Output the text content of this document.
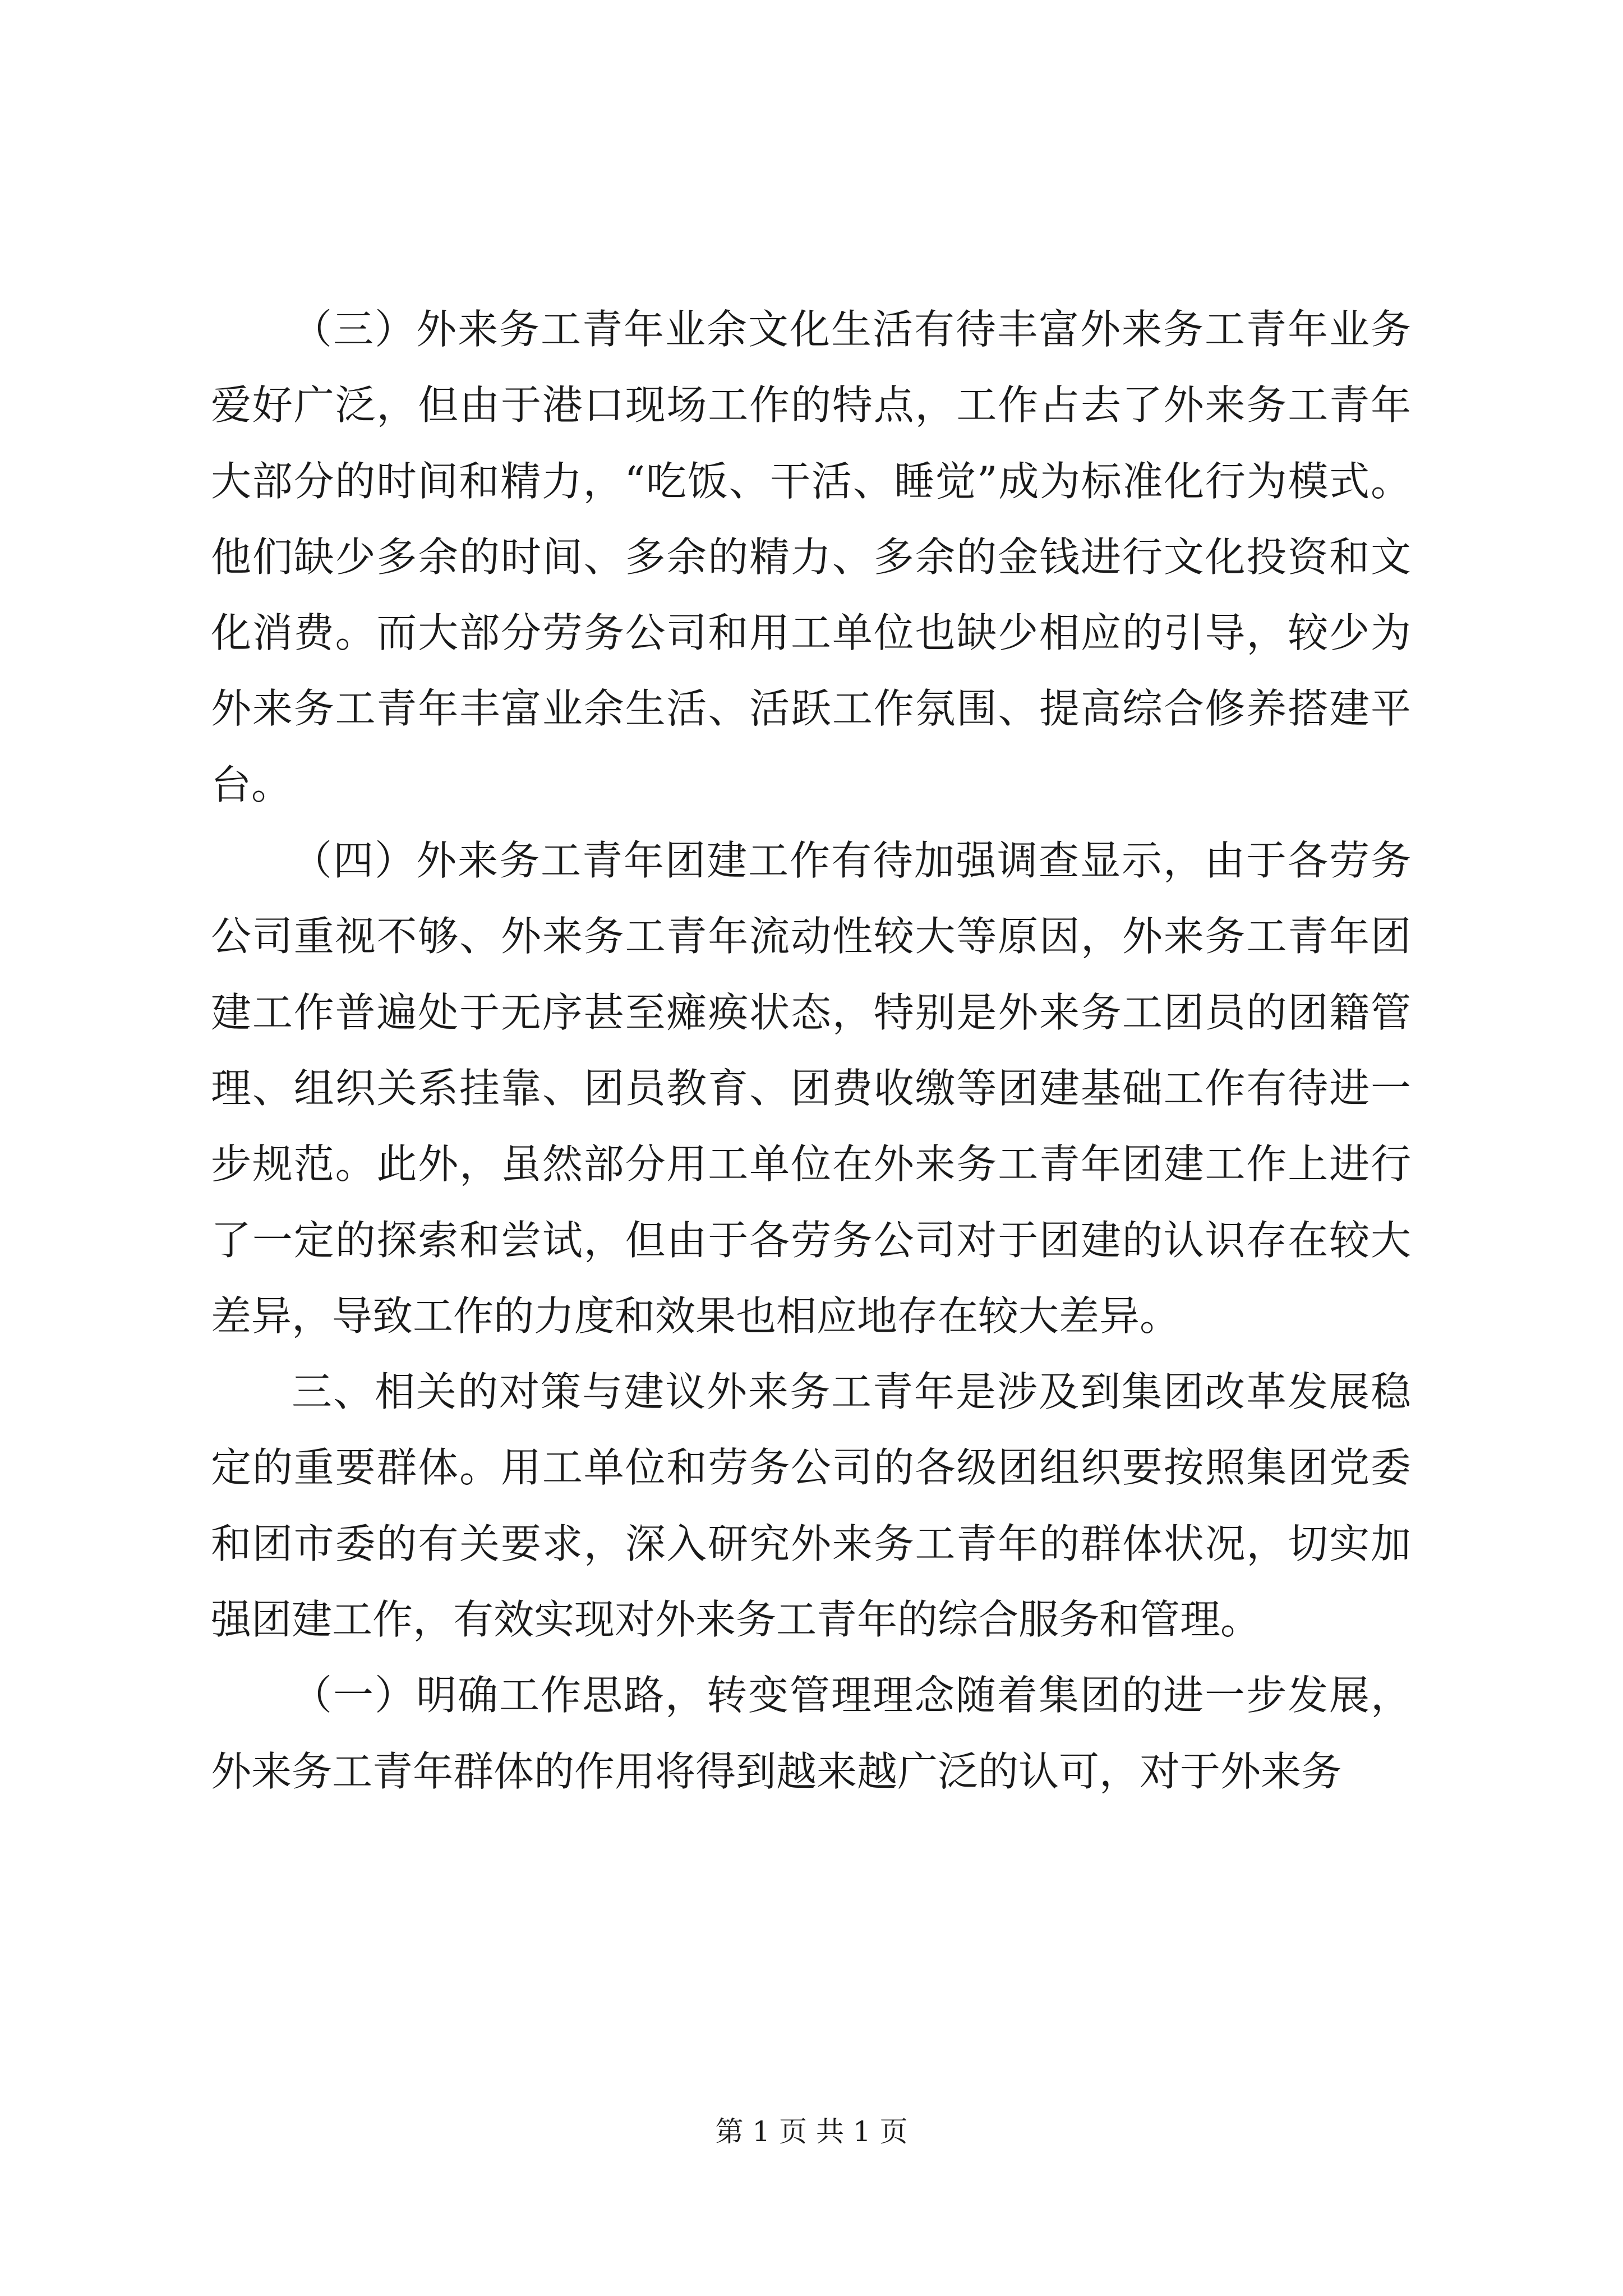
（三）外来务工青年业余文化生活有待丰富外来务工青年业务爱好广泛，但由于港口现场工作的特点，工作占去了外来务工青年大部分的时间和精力，“吃饭、干活、睡觉”成为标准化行为模式。他们缺少多余的时间、多余的精力、多余的金钱进行文化投资和文化消费。而大部分劳务公司和用工单位也缺少相应的引导，较少为外来务工青年丰富业余生活、活跃工作氛围、提高综合修养搭建平台。

（四）外来务工青年团建工作有待加强调查显示，由于各劳务公司重视不够、外来务工青年流动性较大等原因，外来务工青年团建工作普遍处于无序甚至瘫痪状态，特别是外来务工团员的团籍管理、组织关系挂靠、团员教育、团费收缴等团建基础工作有待进一步规范。此外，虽然部分用工单位在外来务工青年团建工作上进行了一定的探索和尝试，但由于各劳务公司对于团建的认识存在较大差异，导致工作的力度和效果也相应地存在较大差异。

三、相关的对策与建议外来务工青年是涉及到集团改革发展稳定的重要群体。用工单位和劳务公司的各级团组织要按照集团党委和团市委的有关要求，深入研究外来务工青年的群体状况，切实加强团建工作，有效实现对外来务工青年的综合服务和管理。

（一）明确工作思路，转变管理理念随着集团的进一步发展，外来务工青年群体的作用将得到越来越广泛的认可，对于外来务

第 1 页 共 1 页
